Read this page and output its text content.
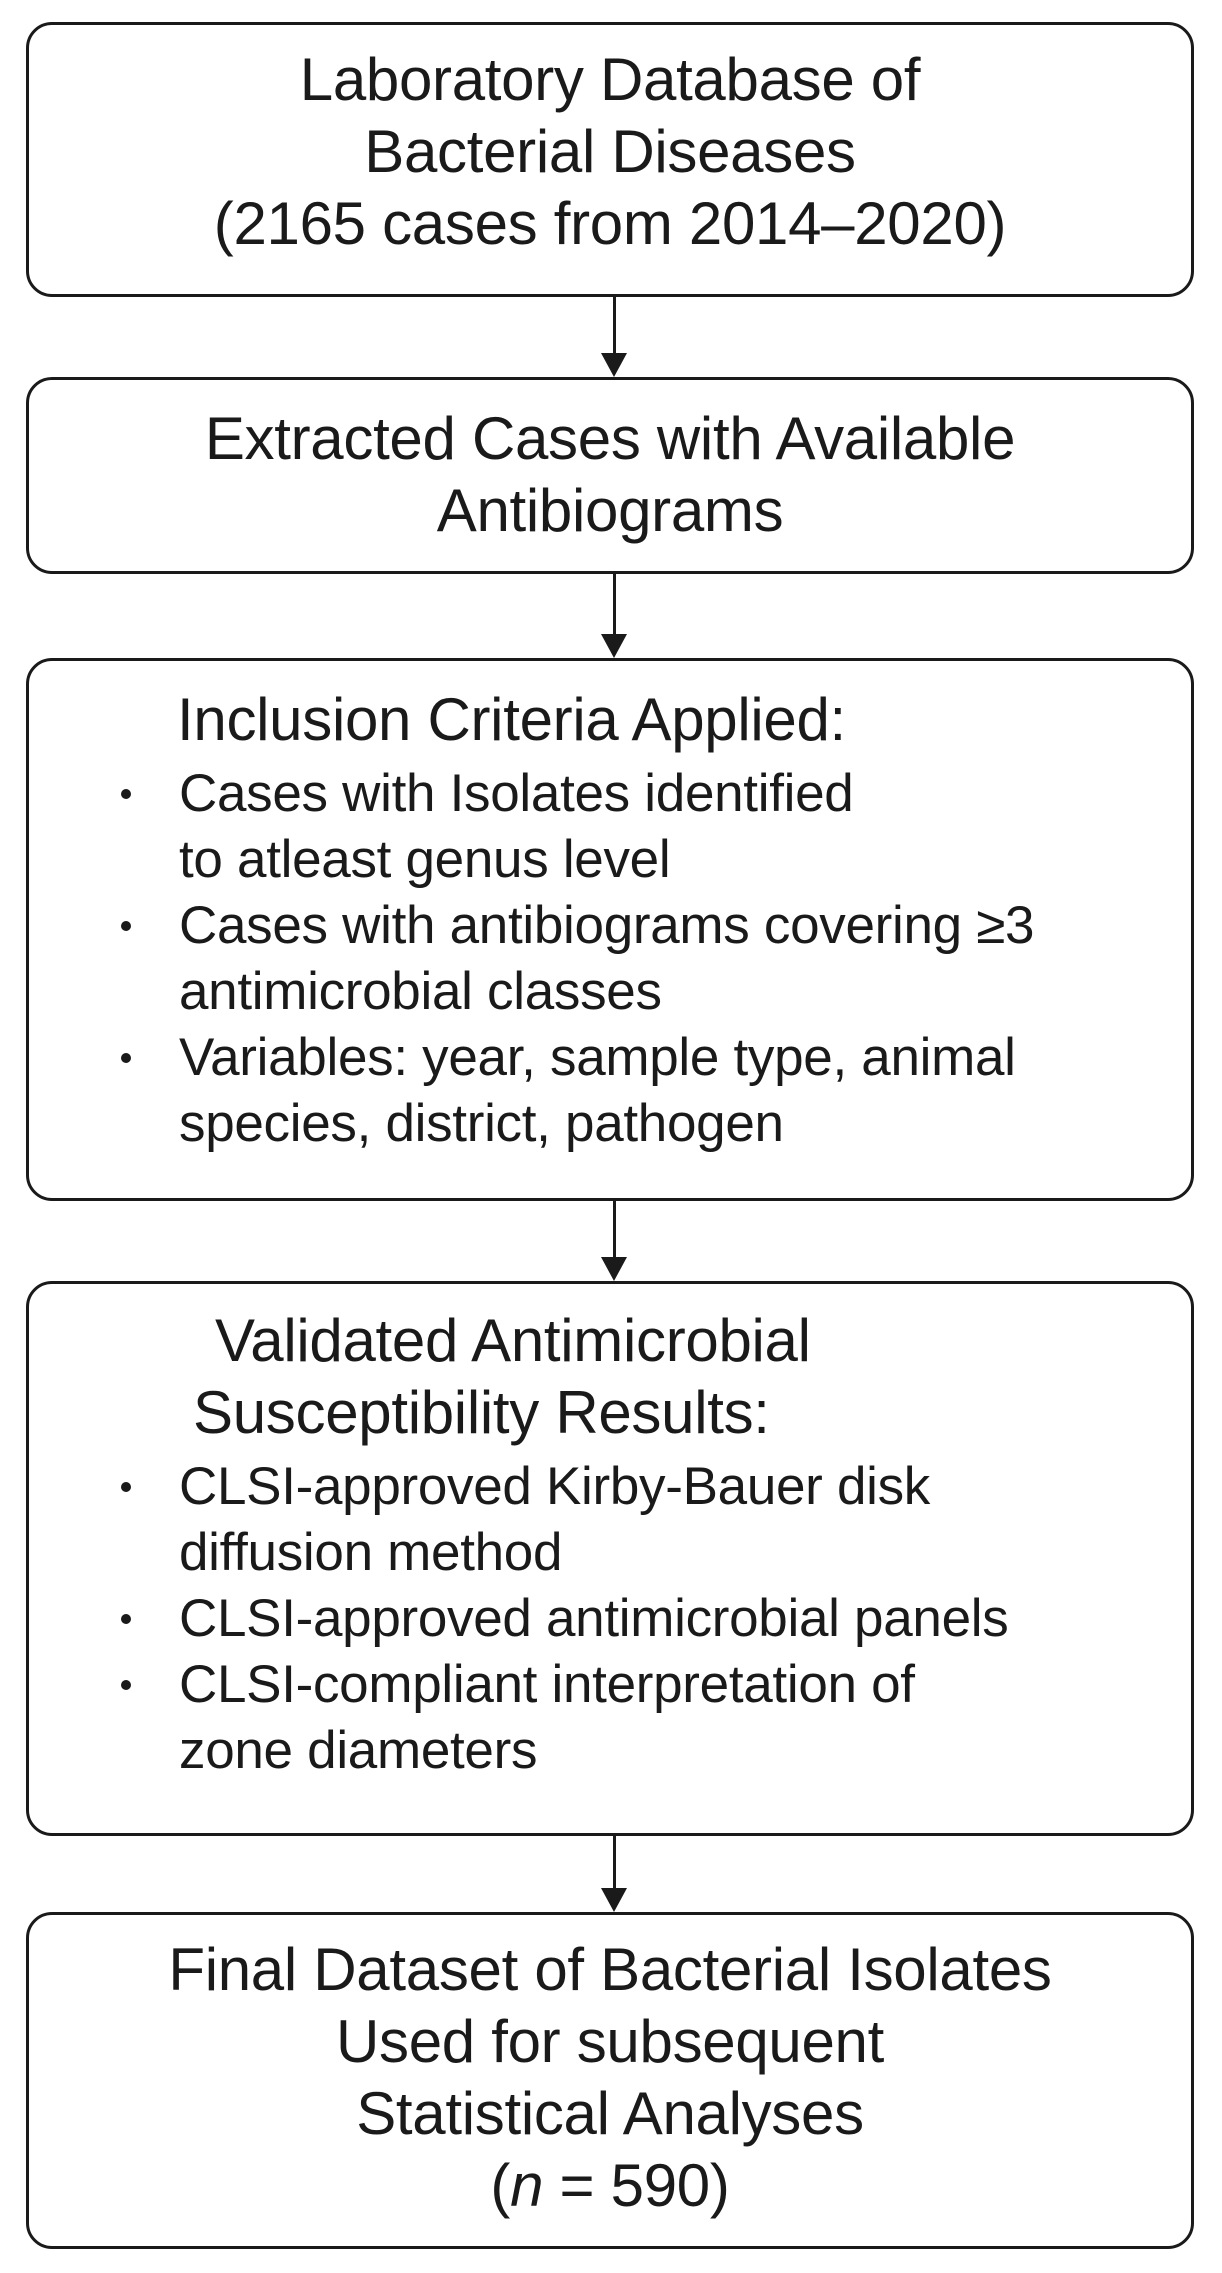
Laboratory Database of

Bacterial Diseases

(2165 cases from 2014–2020)

Extracted Cases with Available

Antibiograms

Inclusion Criteria Applied:

Cases with Isolates identified
to atleast genus level
Cases with antibiograms covering ≥3
antimicrobial classes
Variables: year, sample type, animal
species, district, pathogen

Validated Antimicrobial

Susceptibility Results:

CLSI-approved Kirby-Bauer disk
diffusion method
CLSI-approved antimicrobial panels
CLSI-compliant interpretation of
zone diameters

Final Dataset of Bacterial Isolates

Used for subsequent

Statistical Analyses

(n = 590)
